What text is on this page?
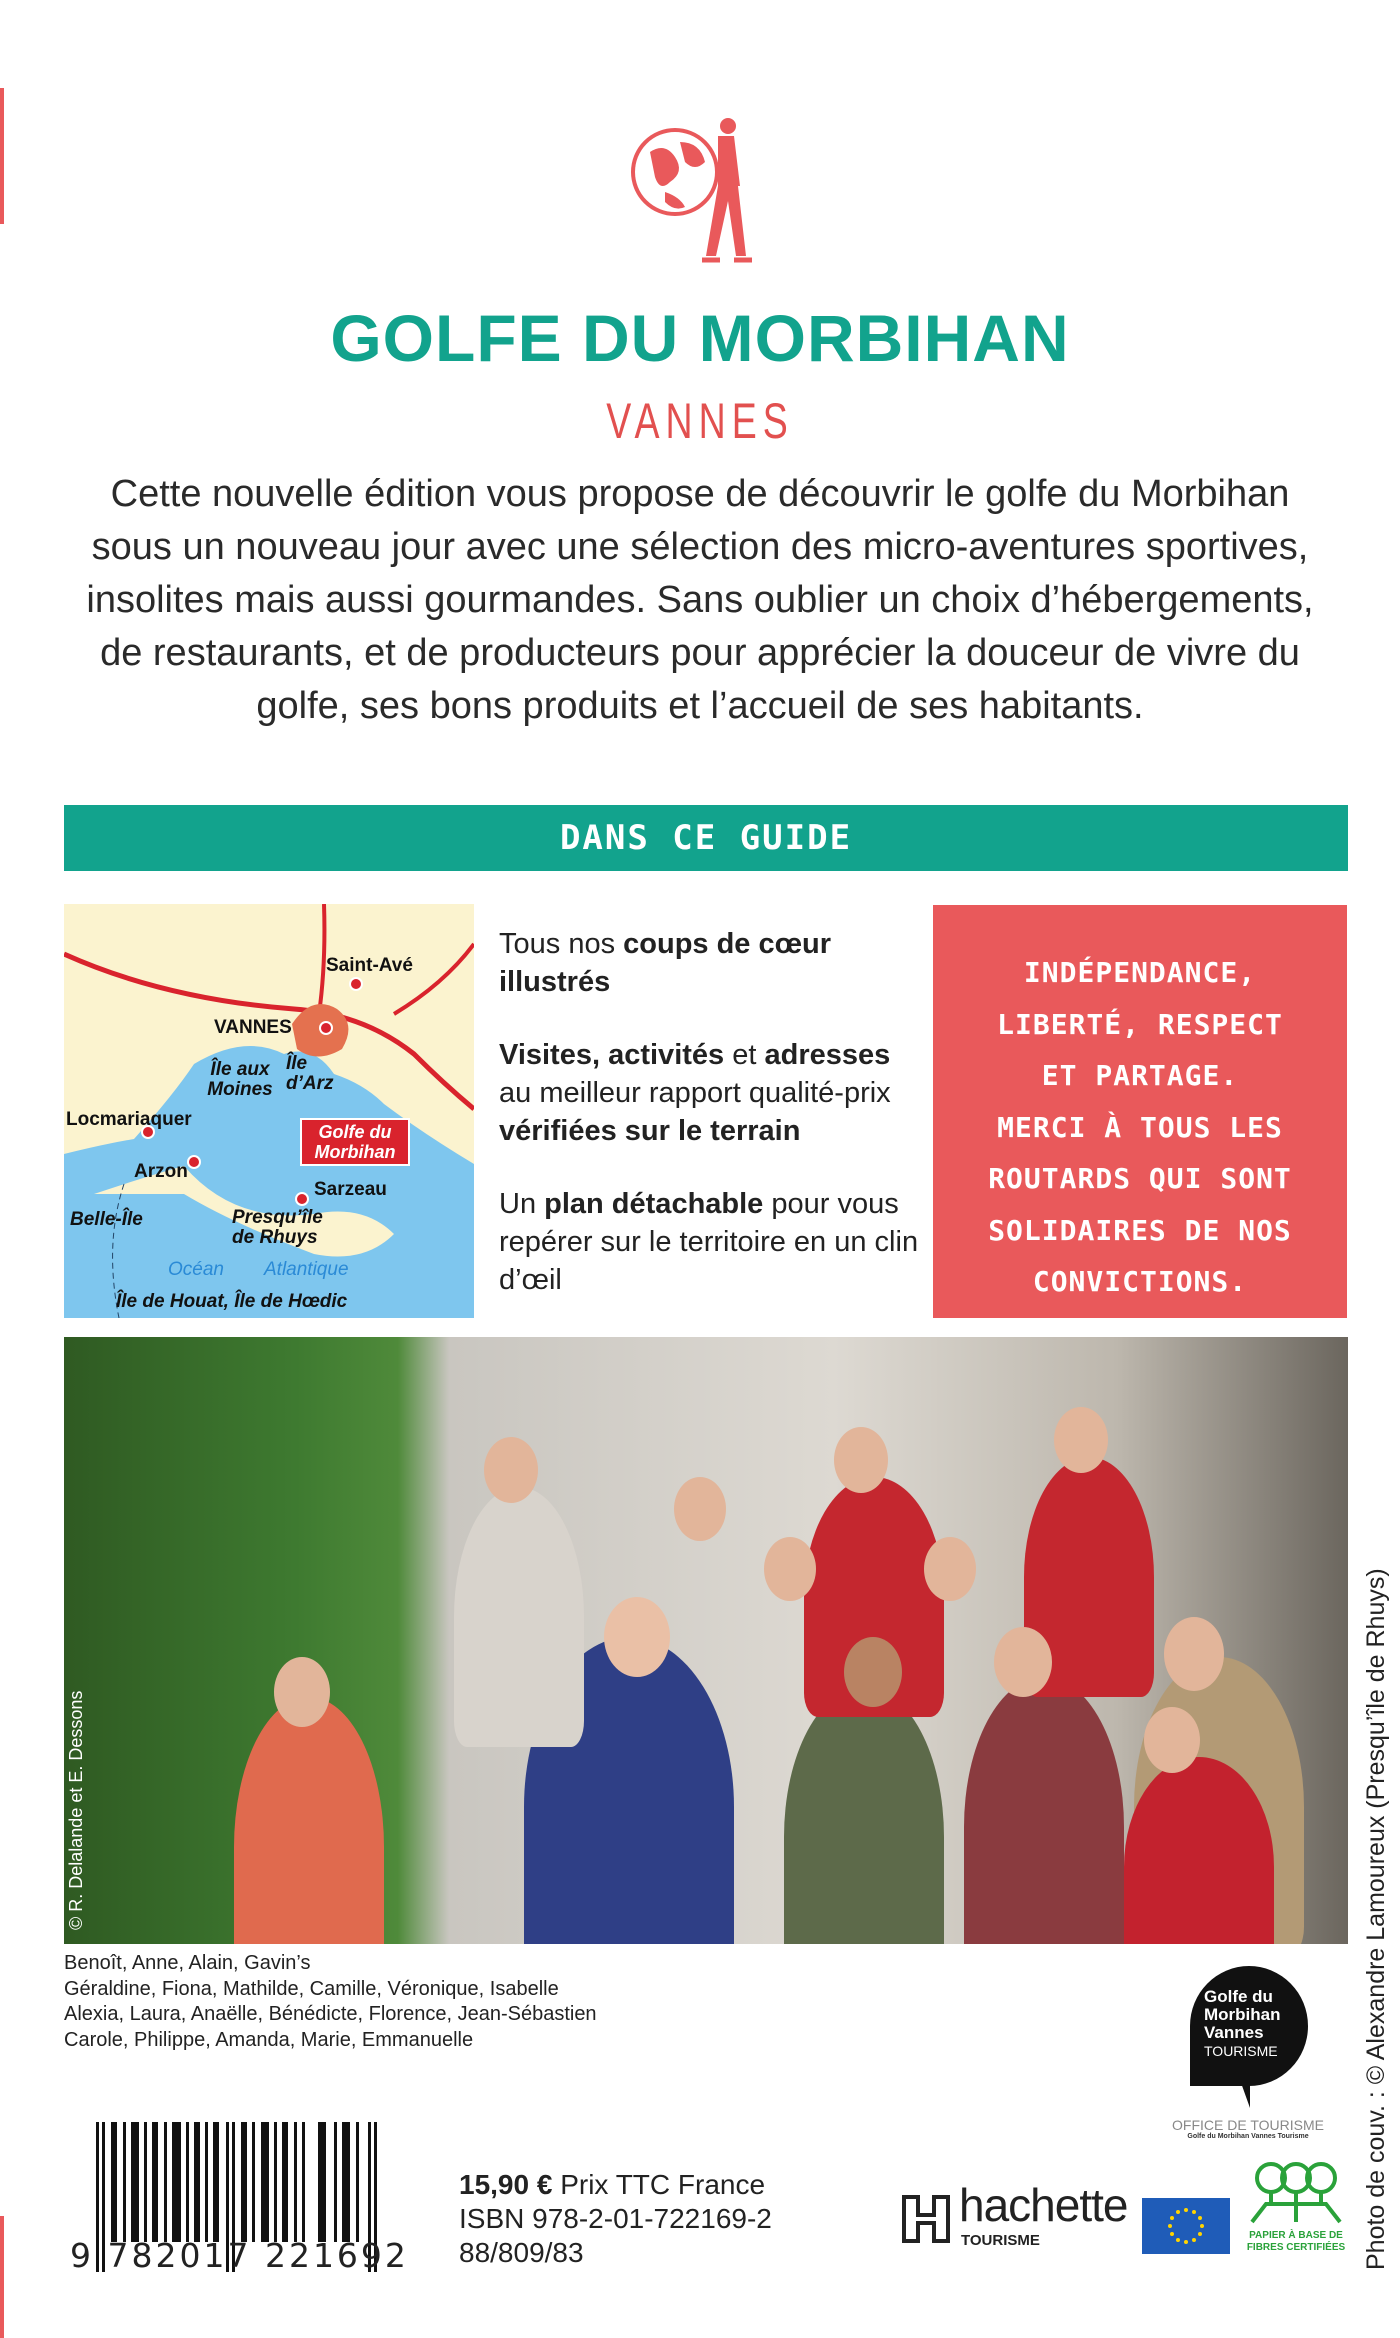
GOLFE DU MORBIHAN
VANNES
Cette nouvelle édition vous propose de découvrir le golfe du Morbihan sous un nouveau jour avec une sélection des micro-aventures sportives, insolites mais aussi gourmandes. Sans oublier un choix d’hébergements, de restaurants, et de producteurs pour apprécier la douceur de vivre du golfe, ses bons produits et l’accueil de ses habitants.
DANS CE GUIDE
Saint-Avé
VANNES
Île aux Moines
Île d’Arz
Locmariaquer
Golfe du Morbihan
Arzon
Sarzeau
Presqu’île de Rhuys
Belle-Île
Océan Atlantique
Île de Houat, Île de Hœdic

Tous nos coups de cœur illustrés

Visites, activités et adresses au meilleur rapport qualité-prix vérifiées sur le terrain

Un plan détachable pour vous repérer sur le territoire en un clin d’œil

INDÉPENDANCE,
LIBERTÉ, RESPECT
ET PARTAGE.
MERCI À TOUS LES
ROUTARDS QUI SONT
SOLIDAIRES DE NOS
CONVICTIONS.
© R. Delalande et E. Dessons
Benoît, Anne, Alain, Gavin’s
Géraldine, Fiona, Mathilde, Camille, Véronique, Isabelle
Alexia, Laura, Anaëlle, Bénédicte, Florence, Jean-Sébastien
Carole, Philippe, Amanda, Marie, Emmanuelle
9 782017 221692
15,90 € Prix TTC France
ISBN 978-2-01-722169-2
88/809/83
Golfe du
Morbihan
Vannes
TOURISME
OFFICE DE TOURISME
Golfe du Morbihan Vannes Tourisme
hachette
TOURISME	PAPIER À BASE DE FIBRES CERTIFIÉES Photo de couv. : © Alexandre Lamoureux (Presqu’île de Rhuys)
